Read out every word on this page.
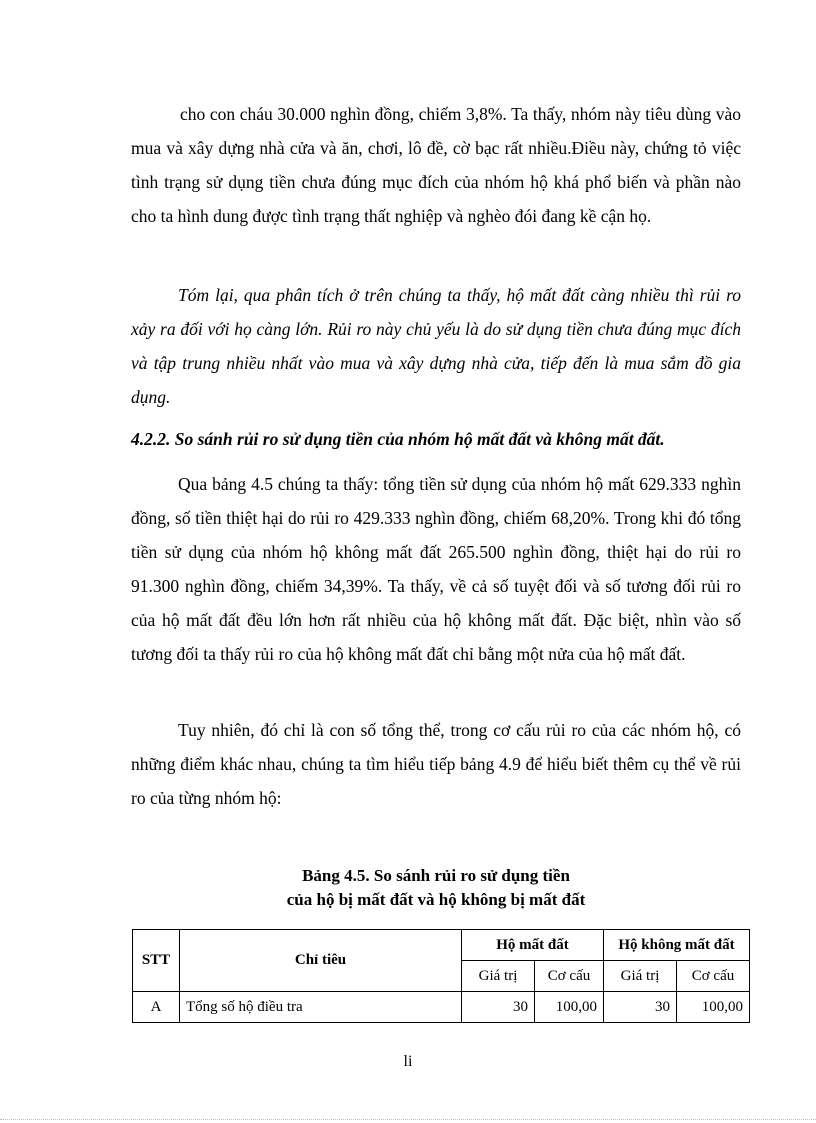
cho con cháu 30.000 nghìn đồng, chiếm 3,8%. Ta thấy, nhóm này tiêu dùng vào mua và xây dựng nhà cửa và ăn, chơi, lô đề, cờ bạc rất nhiều.Điều này, chứng tỏ việc tình trạng sử dụng tiền chưa đúng mục đích của nhóm hộ khá phổ biến và phần nào cho ta hình dung được tình trạng thất nghiệp và nghèo đói đang kề cận họ.

Tóm lại, qua phân tích ở trên chúng ta thấy, hộ mất đất càng nhiều thì rủi ro xảy ra đối với họ càng lớn. Rủi ro này chủ yếu là do sử dụng tiền chưa đúng mục đích và tập trung nhiều nhất vào mua và xây dựng nhà cửa, tiếp đến là mua sắm đồ gia dụng.

4.2.2. So sánh rủi ro sử dụng tiền của nhóm hộ mất đất và không mất đất.

Qua bảng 4.5 chúng ta thấy: tổng tiền sử dụng của nhóm hộ mất 629.333 nghìn đồng, số tiền thiệt hại do rủi ro 429.333 nghìn đồng, chiếm 68,20%. Trong khi đó tổng tiền sử dụng của nhóm hộ không mất đất 265.500 nghìn đồng, thiệt hại do rủi ro 91.300 nghìn đồng, chiếm 34,39%. Ta thấy, về cả số tuyệt đối và số tương đối rủi ro của hộ mất đất đều lớn hơn rất nhiều của hộ không mất đất. Đặc biệt, nhìn vào số tương đối ta thấy rủi ro của hộ không mất đất chỉ bằng một nửa của hộ mất đất.

Tuy nhiên, đó chỉ là con số tổng thể, trong cơ cấu rủi ro của các nhóm hộ, có những điểm khác nhau, chúng ta tìm hiểu tiếp bảng 4.9 để hiểu biết thêm cụ thể về rủi ro của từng nhóm hộ:

Bảng 4.5. So sánh rủi ro sử dụng tiền
của hộ bị mất đất và hộ không bị mất đất
STT	Chỉ tiêu	Hộ mất đất		Hộ không mất đất	
		Giá trị	Cơ cấu	Giá trị	Cơ cấu
A	Tổng số hộ điều tra	30	100,00	30	100,00
li
